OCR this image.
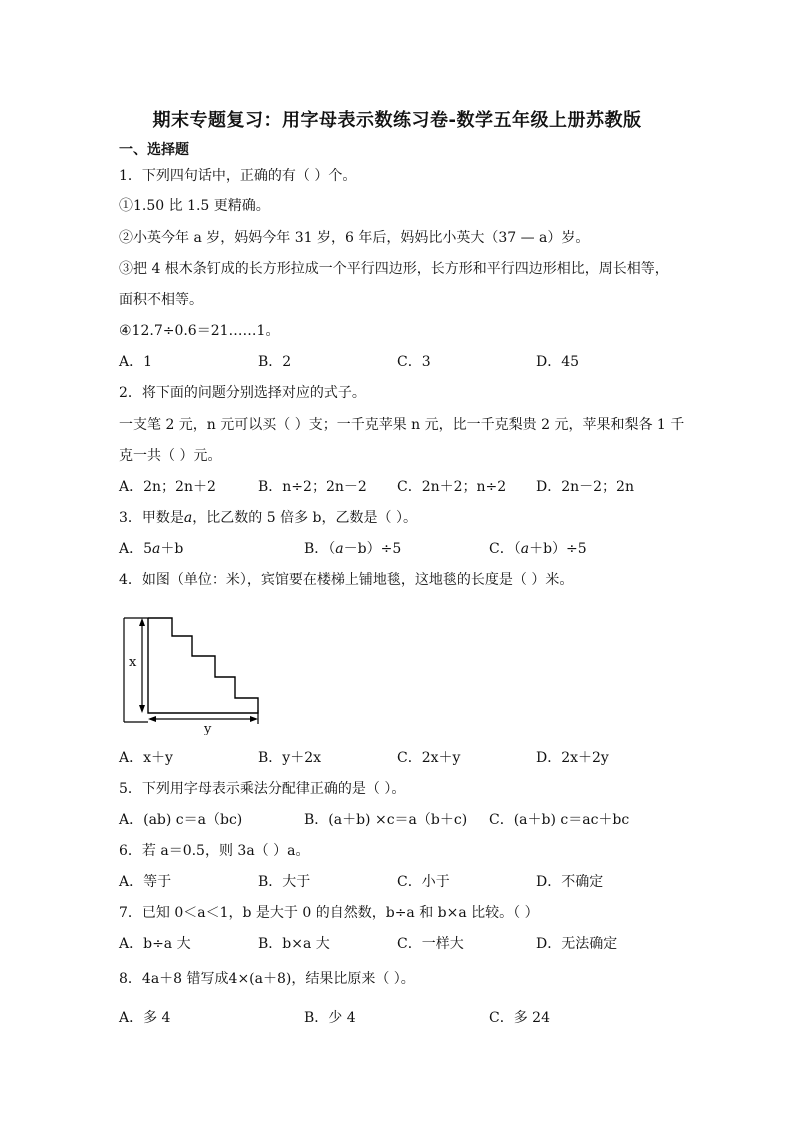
期末专题复习：用字母表示数练习卷-数学五年级上册苏教版
一、选择题
1．下列四句话中，正确的有（ ）个。
①1.50 比 1.5 更精确。
②小英今年 a 岁，妈妈今年 31 岁，6 年后，妈妈比小英大（37 — a）岁。
③把 4 根木条钉成的长方形拉成一个平行四边形，长方形和平行四边形相比，周长相等，
面积不相等。
④12.7÷0.6＝21……1。
A．1	B．2	C．3	D．45
2．将下面的问题分别选择对应的式子。
一支笔 2 元，n 元可以买（ ）支；一千克苹果 n 元，比一千克梨贵 2 元，苹果和梨各 1 千
克一共（ ）元。
A．2n；2n＋2	B．n÷2；2n－2 C．2n＋2；n÷2 D．2n－2；2n
3．甲数是a，比乙数的 5 倍多 b，乙数是（ ）。
A．5a＋b	B．（a－b）÷5	C．（a＋b）÷5
4．如图（单位：米），宾馆要在楼梯上铺地毯，这地毯的长度是（ ）米。
x
y
A．x＋y	B．y＋2x	C．2x＋y	D．2x＋2y
5．下列用字母表示乘法分配律正确的是（ ）。
A．(ab) c＝a（bc)	B．(a＋b) ×c＝a（b＋c) C．(a＋b) c＝ac＋bc
6．若 a＝0.5，则 3a（ ）a。
A．等于	B．大于	C．小于	D．不确定
7．已知 0＜a＜1，b 是大于 0 的自然数，b÷a 和 b×a 比较。（ ）
A．b÷a 大	B．b×a 大	C．一样大	D．无法确定
8．4a＋8 错写成4×(a＋8)，结果比原来（ ）。
A．多 4	B．少 4	C．多 24
